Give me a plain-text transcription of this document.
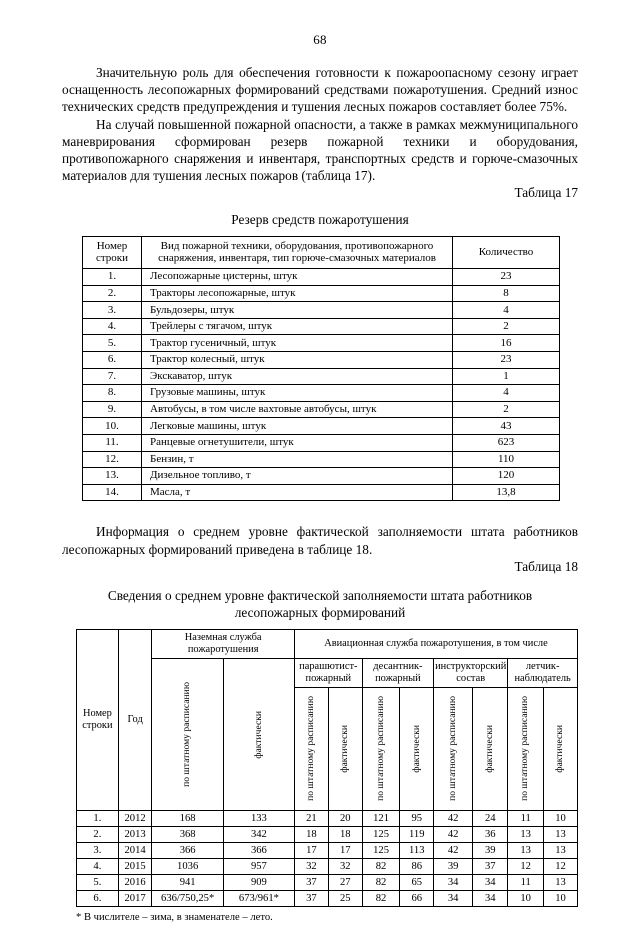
68

Значительную роль для обеспечения готовности к пожароопасному сезону играет оснащенность лесопожарных формирований средствами пожаротушения. Средний износ технических средств предупреждения и тушения лесных пожаров составляет более 75%.

На случай повышенной пожарной опасности, а также в рамках межмуниципального маневрирования сформирован резерв пожарной техники и оборудования, противопожарного снаряжения и инвентаря, транспортных средств и горюче-смазочных материалов для тушения лесных пожаров (таблица 17).

Таблица 17
Резерв средств пожаротушения
Номер строки	Вид пожарной техники, оборудования, противопожарного снаряжения, инвентаря, тип горюче-смазочных материалов	Количество
1.	Лесопожарные цистерны, штук	23
2.	Тракторы лесопожарные, штук	8
3.	Бульдозеры, штук	4
4.	Трейлеры с тягачом, штук	2
5.	Трактор гусеничный, штук	16
6.	Трактор колесный, штук	23
7.	Экскаватор, штук	1
8.	Грузовые машины, штук	4
9.	Автобусы, в том числе вахтовые автобусы, штук	2
10.	Легковые машины, штук	43
11.	Ранцевые огнетушители, штук	623
12.	Бензин, т	110
13.	Дизельное топливо, т	120
14.	Масла, т	13,8

Информация о среднем уровне фактической заполняемости штата работников лесопожарных формирований приведена в таблице 18.

Таблица 18
Сведения о среднем уровне фактической заполняемости штата работников
лесопожарных формирований
Номер строки	Год	Наземная служба пожаротушения		Авиационная служба пожаротушения, в том числе							

		по штатному расписанию	фактически	парашютист-пожарный		десантник-пожарный		инструкторский состав		летчик-наблюдатель	

				по штатному расписанию	фактически	по штатному расписанию	фактически	по штатному расписанию	фактически	по штатному расписанию	фактически

1.	2012	168	133	21	20	121	95	42	24	11	10
2.	2013	368	342	18	18	125	119	42	36	13	13
3.	2014	366	366	17	17	125	113	42	39	13	13
4.	2015	1036	957	32	32	82	86	39	37	12	12
5.	2016	941	909	37	27	82	65	34	34	11	13
6.	2017	636/750,25*	673/961*	37	25	82	66	34	34	10	10
* В числителе – зима, в знаменателе – лето.
